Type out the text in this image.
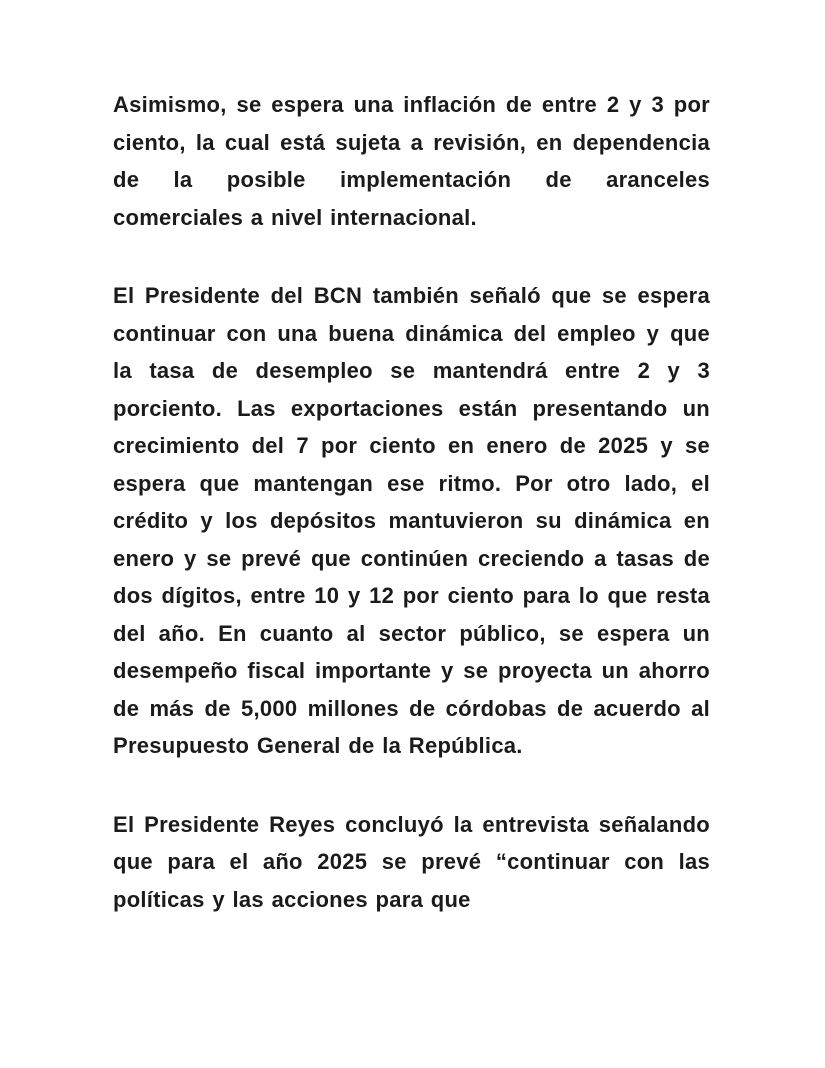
Asimismo, se espera una inflación de entre 2 y 3 por ciento, la cual está sujeta a revisión, en dependencia de la posible implementación de aranceles comerciales a nivel internacional.

El Presidente del BCN también señaló que se espera continuar con una buena dinámica del empleo y que la tasa de desempleo se mantendrá entre 2 y 3 porciento. Las exportaciones están presentando un crecimiento del 7 por ciento en enero de 2025 y se espera que mantengan ese ritmo. Por otro lado, el crédito y los depósitos mantuvieron su dinámica en enero y se prevé que continúen creciendo a tasas de dos dígitos, entre 10 y 12 por ciento para lo que resta del año. En cuanto al sector público, se espera un desempeño fiscal importante y se proyecta un ahorro de más de 5,000 millones de córdobas de acuerdo al Presupuesto General de la República.

El Presidente Reyes concluyó la entrevista señalando que para el año 2025 se prevé “continuar con las políticas y las acciones para que
